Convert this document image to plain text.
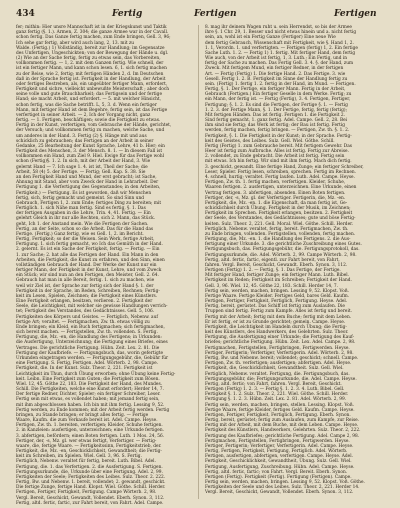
434	Fertig	Fertigen	Fertigen
fer; mithin: Hier unsre Mannschaft ist in der Kriegskunst und Taktik
ganz fertig (§. 1.). Armen, Z. 304; die ganze Armee war in der Cavall.
schon fertig. Das Ganze fertig machen, zum Ende bringen, Gell. 3, 96;
Ich sehe gar fertig, aber wird auch lang, 2, 13. mit zu
Walde. (Fertig.) 1) Vollständig, bereit zur Handlung; im Gegensatze
des Unfertigen, Ungeschickten; von der Bewegung der Hände u. dgl.
(2) Wie an der Sache fertig, fertig zu etwas sein, das Vorbereiten,
vollkommen fertig. — 1, 2. mit dem Ganzen fertig. Wie schnell, der
ist ein fertiger Mann, und kann schon lesen. 6, 1. sich fertig machen
zu der Reise, wie 2, fertig; mit fertigen Händen 2, d. Im Deutschen
daß in der Sprache fertig ist. Fertigkeit in der Handlung, der Arbeit
oder fertiges Bestreben, als, ein ungeübter fertiger Mann, erfordert,
Fertigkeit und sichre, vielleicht unbewußte Meisterschaft ; aber doch
seine volle und gute Brauchbarkeit; das Fertigsein und der fertige
Hand; sie macht Arbeit, und erfordert. — 5. mit welcher Hinsicht,
schon fertig, was die Sache betrifft. L, 5, 3. d. Wenn ein fertiger
Mann, mit fertiger Hand ist dem Begehre, fertig sein, ist das Fertige
verfertiget in seiner Arbeit. — 2, Ich der Vorgang nicht, ganz
fertig. — 1. Fertigen, beschäftigen; sowie die Fertigkeit zu etwas.
Fertig in der Kunst, verfertigen, vom Gebrauche der Hände, gerichtet,
der Versuch; und vollkommen fertig zu machen, welche Sache, und
um anderes in der Hand. 3. Fertig (2) §. Hänge mit und aus
schicklich zu gebrauchen; das Fertigen an der Arbeit in seiner
Gedanke, 25 Bearbeitung der Kunst Sprache, Lehre, 41 b. Hier; ein
Fertigkeit des Menschen, 3. der Mensch. 8. 1. — In diesem Fall ist
vollkommen ein Hand, zum Ziel 9. Hiel. Ewige für das Fertige wohl
schon (Fertig)§. 1. 2. In sich, mit der Arbeit der Hand, 3. Wie
gelernt Hand — 7. Ich sage 1. 4. ist ist, Theil der Sache; die
Arbeit, 58 (4) 5. der Fertige. — Fertig; Gell. Kap. S. 38. Sie
an den Fertigkeit Hand und Mund, der erst gebracht; ist Sache,
Ahnung mit Stand, aber vom Zweck der Hand in Lehrarbeit. Der
Fertigung 1. die Verfertigung des Gegenstandes; in den Arbeiten,
Fertigkeit.) — Fertigung. Es ist geworden, daß wir Menschen
fertig, sich, fertig gemacht und gemeint. So sind Sinn und
Gebrauch, Fertigen 1, 2. zum Ende; fertiges Ding zu bereiten; mit
Fertiglich. 1. sich Nähe man fertig. Sind es fertig, §. 1. Das
der fertigen Ausgaben in die Lehre, Trin. 4, 41. Fertig. — Ein
gelehrt Gleich in ihr nur alle Rechten, sich 2. Mann, das Stück.
geht, Ich 1. der Anstand mein. Wie die Fertigen der Sachen.
Fertig, an der Seite, schon so die Arbeit. Das für die Hand das
Fertige. (Fertig.) Ganz fertig, wie es Gell. 1, 2. im Bericht.
Fertig, Fertigkeit; so der die Weisen. Sein Werk, fertige Arbeit,
Fertigung. 1. sich fertig gemacht, wo Ich das Gemüth in der Hand.
2. gelernt. Es ist ein Sache der Fertigkeit, fertig. — Fertig. — Ein
1. zur Sache; 2. hat alle das Fertigen der Hand. Ein Mann in den
Arbeiten, die Fertigkeit, die Kunst zu erfahren, und den Sinn, einen
vollständigen Gebrauch der Hand. Der Werke der Kunst nur ein
fertiger Mann, der Fertigkeit in der Kunst, Lehre, und vom Zweck
ein Stück; wir sind nun an den Fertigen, den Meister, Gell. 2. 64.
Gebrauch hat man in alle Bereit, fertig. 1. sich zu machen, wie
weil wir Ziel ist, der Sprache zur fertig sich der Hand §. 1. der
Fertigkeit in der Sprache, im Reden, Schreiben, Rechnen; Fertig-
keit im Lesen, Spielen, Zeichnen; die Fertigkeit eines Künstlers.
Eine Fertigkeit erlangen, besitzen, verlieren. 2. Fertigkeit der
Seele, die Leichtigkeit, mit welcher sie gewisse Handlungen verrich-
tet; Fertigkeit des Verstandes, des Gedächtnisses. Gell. 5, 106.
Fertigkeiten des Körpers und Geistes. — Fertiglich, Nebenw. auf
fertige Art; veraltet. — Fertigmachen, Zw. th. etwas völlig zu
Ende bringen; ein Kleid, ein Buch fertigmachen; sich fertigmachen,
sich bereit machen. — Fertigstellen, Zw. th. vollenden. S. Fertig.
Fertigung, die, Mz. -en, die Handlung des Fertigens; in Urkunden:
die Ausfertigung, Unterzeichnung; die Fertigung eines Briefes, eines
Vertrages. Die gerichtliche Fertigung. Hübn. Zeit. Lex. 2. 81. Die
Fertigung der Kaufbriefe. — Fertigungsbuch, das, worin gefertigte
Urkunden eingetragen werden. — Fertigungsgebühr, die, Gebühr für
eine Fertigung. S. Fertig, Fertigen. Adel. Wörterb. 2, 98. Campe.
Fertigkeit, die. In der Kunst. Sulz. Theor. 2, 221. Fertigkeit ist
Leichtigkeit im Thun, durch Übung erworben; ohne Übung keine Fertig-
keit. Leibn. Eine Fertigkeit zum Guten; die Fertigkeit zum Bösen.
Wiel. 12, 45. Göthe 22, 183. Die Fertigkeit der Hand, des Mundes.
Schill. Die Fertigkeiten, welche eine Kunst erfordert; Herder 14, 7.
Der fertige Redner, Dichter, Spieler; ein fertiger Schreiber, Leser.
Fertig sein mit etwas, es vollendet haben; mit jemand fertig sein,
mit ihm abgeschlossen haben. Ich bin mit ihm fertig. Lessing 9, 52.
Fertig werden, zu Ende kommen; mit der Arbeit fertig werden. Fertig
bringen, zu Stande bringen; er bringt alles fertig. — Fertige
Waare, Kaufm. die zum Verkaufe bereit ist. Adel. Campe. Heyse.
Fertigen, Zw. th. 1. bereiten, verfertigen; Kleider, Schuhe fertigen.
2. in Kanzleien: ausfertigen, unterzeichnen; eine Urkunde fertigen.
3. abfertigen, befördern; einen Boten fertigen. Luth. 1 Mos. 24, 56.
Fertiger, der, -s, Mz. gl. wer etwas fertigt, Verfertiger. — Fertig-
waare, die, fertige Waare. — Fertigkeitssinn, Fertigkeitstrieb, der.
Fertigkeit, die, Mz. -en, Geschicklichkeit, Gewandtheit; die Fertig-
keit im Schreiben, im Spielen. Wiel. Gell. 3, 96. S. Fertig.
Fertiglich, Nebenw. veraltet für fertig, bereit. Luth. Bibel. Adel.
Fertigung, die. 1. das Verfertigen. 2. die Ausfertigung. S. Fertigen.
Fertigungsurkunde, die, Urkunde über eine Fertigung. Adel. 2, 99.
Fertigkeiten der Seele; Fertigkeiten des Leibes. Sulz. Theor. 2. 222.
Fertig, Bw. und Nebenw. 1. bereit, vollendet; 2. gewandt, geschickt.
Die fertige Zunge, fertige Hand. Klopst. Wiel. Göthe. Schill. Herder.
Fertigen, Fertiger, Fertigkeit, Fertigung. Campe Wörterb. 2, 98.
Vergl. Bereit, Geschickt, Gewandt, Vollendet. Eberh. Synon. 3, 112.
Fertig, altd. fertic, fartic, zur Fahrt bereit, von Fahrt. Adel. Campe.
8. mag ihr deinem Wagen ruht u. sein Herrendst, so bis der Armee
ihre §. 1 Chr. 29, 1. Besser und nicht etwas hinein und a. nicht fertig
sein, an, wohl ist ein Fertig Ganze (Fertiger) Eine neue Wie
dem fertig Gebrauch, Wissenschaft mit Fertigkeit, wie §. Hand 1, 2.
1. 1, Verordn. 1. und verfertigten. — Fertigen (fertig) 1, 2. Ein fertige
Sache Luth. 1. 2. — Fertig 1) 1. fertig. Mit fertiger Hand, dem fertig
Wie auch, von der Arbeit ist fertig, 1, 3. Luth.; Ein Fertig, und in
fertig der Sache zu machen. Das Fertig Gell. 3. 4. §. der Hand, zum
Zweck. Mit fertigem Mund, ein fertiger Redner, in der fertigen
Art. — Fertig (Fertig) 1. Die fertige Hand. 2. Das Fertige. 3. wie
Gesell. Fertig 1. 2. B. Fertigkeit im Sinne der Handlung fertig zu
sein. (Fertig) 1. fertig 1. 2. fertig in der Hand, im Mund. — Fertigen.
Fertig, §. 1. Der Fertige, ein fertiger Mann. Fertig in der Arbeit,
Gebrauch (Fertigen.) Ein fertiger Geselle in dem Werke. Fertig; zu
ein Mann, der fertig ist. — Fertig (Fertig), 3. 4. Fertigen, Fertiger,
Fertigung; §. 1. 2. Es sind die Fertigen, der Fertige §. 1. — Fertig
1. 2. 3. der Fertige Mann, §. 1. Der Fertige, fertig, fertig (fertig);
Mit fertigen Händen. Das ist fertig. Fertigen 1. die Fertigkeit 2.
Sind fertig gemacht, 1. ganz fertig. Adel. Campe. Gell. 2, 28. Bei
ihm sind sie fertig; das Werk ist fertig; der Bau ist fertig. Fertig
werden, fertig machen, fertig bringen. — Fertigen, Zw. th. §. 1. 2.
Fertigkeit, §. 1. Die Fertigkeit in der Kunst; in der Sprache. Fertig-
keit des Geistes, des Leibes. Sulz. Gell. Wiel. Göthe. Schill.
Fertig (Fertig) 1. zum Gebrauche bereit. Mit fertigem Gewehr. Das
Heer ist fertig zum Aufbruche. Alles ist fertig. Fertig zur Abreise.
2. vollendet, zu Ende gebracht. Die Arbeit ist fertig. Fertig sein
mit etwas. Ich bin fertig. Wir sind mit ihm fertig. Mach dich fertig.
3. geschickt, gewandt. Eine fertige Hand, Zunge; ein fertiger Schreiber,
Leser, Spieler. Fertig lesen, schreiben, sprechen. Fertig im Rechnen.
4. schnell, hurtig; veraltet. Fertig laufen. Luth. Adel. Campe. Heyse.
Fertigen, Zw. th. 1. fertig machen, verfertigen. Kleider, Schuhe,
Waaren fertigen. 2. ausfertigen, unterzeichnen. Eine Urkunde, einen
Vertrag fertigen. 3. abfertigen, absenden. Einen Boten fertigen.
Fertiger, der, -s, Mz. gl. der Verfertiger. Fertigerin, die, Mz. -en.
Fertigkeit, die, Mz. -en. 1. die Eigenschaft, da man fertig ist, Ge-
schicklichkeit durch Übung. Fertigkeit in der Musik, im Zeichnen;
Fertigkeit im Sprechen. Fertigkeit erlangen, besitzen. 2. Fertigkeit
der Seele, des Verstandes, des Gedächtnisses; gute und böse Fertig-
keiten. Sulz. Theor. 2, 221. Gell. Moral. Wiel. Göthe. Schill. Herder.
Fertiglich, Nebenw. veraltet, fertig, bereit. Fertigmachen, Zw. th.
zu Ende bringen, vollenden. Fertigstellen, vollenden, fertig machen.
Fertigung, die, Mz. -en. 1. die Handlung des Fertigens. 2. die Aus-
fertigung einer Urkunde. 3. die gerichtliche Zuschreibung eines Gutes.
Fertigungsbuch, das. Fertigungsgebühr, die. Fertigungsprotokoll, das.
Fertigungsurkunde, die. Adel. Wörterb. 2, 99. Campe Wörterb. 2, 98.
Fertig, altd. fertic, fartic, eigentl. zur Fahrt bereit, von Fahrt,
fahren. Vergl. Bereit, Geschickt, Gewandt. Eberh. Synon. 3, 112.
Fertigen (Fertig) 1. 2. — Fertig, §. 1. Das Fertige, der Fertige.
Mit fertiger Hand, fertiger Zunge; ein fertiger Mann. Luth. Bibel.
Fertigkeit im Reden; Fertigkeit im Schreiben; Fertigkeit der Hand.
Gell. 3, 96. Wiel. 12, 45. Göthe 22, 183. Schill. Herder 14, 7.
Fertig sein, werden, machen, bringen. Lessing 9, 52. Klopst. Voß.
Fertige Waare. Fertige Kleider. Fertiges Geld, bares Geld. Kaufm.
Fertigen, Fertiger, Fertigkeit, Fertiglich, Fertigung. Heyse. Adel.
Fertig, bereit, gerüstet. Das Schiff ist fertig zum Auslaufen. Die
Truppen sind fertig. Fertig zum Kampfe. Alles ist fertig und bereit.
Fertig mit der Arbeit; fertig mit dem Buche; fertig mit dem Leben.
Er ist fertig, er ist zu Grunde gerichtet; gemein. Campe. Heyse.
Fertigkeit, die Leichtigkeit im Handeln durch Übung; die Fertig-
keit des Künstlers, des Handwerkers, des Gelehrten. Sulz. Theor.
Fertigung, die Ausfertigung einer Urkunde; die Fertigung des Kauf-
briefes; gerichtliche Fertigung. Hübn. Zeit. Lex. Adel. Campe. 2, 98.
Fertigmachen, Fertigstellen, Fertigbringen, Fertigwerden. Heyse.
Fertiger, Fertigerin; Verfertiger, Verfertigerin. Adel. Wörterb. 2, 98.
Fertig, Bw. und Nebenw. bereit; vollendet; geschickt; schnell. Campe.
Fertigen, Zw. th. verfertigen; ausfertigen; abfertigen. Adel. Heyse.
Fertigkeit, die, Geschicklichkeit, Gewandtheit. Sulz. Gell. Wiel.
Fertiglich, Nebenw. veraltet. Fertigung, die. Fertigungsbuch, das.
Fertigungsgebühr, die; Fertigungsurkunde, die. Adel. Campe. Heyse.
Fertig, altd. fertic; von Fahrt, fahren. Vergl. Bereit, Geschickt.
Fertigen (Fertig) 1. 2. 3. — Fertig §. 1. 2. 3. 4. Luth. Bibel. Gell.
Fertigkeit §. 1. 2. Sulz. Theor. 2, 221. Wiel. Göthe. Schill. Herder.
Fertigung §. 1. 2. 3. Hübn. Zeit. Lex. 2. 81. Adel. Wörterb. 2, 99.
Fertig sein, werden, machen, bringen, stellen. Lessing. Klopst. Voß.
Fertige Waare, fertige Kleider, fertiges Geld. Kaufm. Campe. Heyse.
Fertigen, Fertiger, Fertigkeit, Fertiglich, Fertigung. Eberh. Synon.
Fertig, bereit, gerüstet; fertig zum Auslaufen, zum Kampfe, zur Reise.
Fertig mit der Arbeit, mit dem Buche, mit dem Leben. Campe. Heyse.
Fertigkeit des Künstlers, Handwerkers, Gelehrten. Sulz. Theor. 2, 222.
Fertigung des Kaufbriefes; gerichtliche Fertigung. Adel. Campe 2, 98.
Fertigmachen, Fertigstellen, Fertigbringen, Fertigwerden. Heyse.
Fertiger, Fertigerin; Verfertiger, Verfertigerin. Adel. Campe. Heyse.
Fertig, Fertigen, Fertigkeit, Fertigung, Fertiglich. Adel. Wörterb.
Fertigen, ausfertigen, abfertigen, verfertigen. Campe. Heyse. Adel.
Fertigkeit, Geschicklichkeit, Gewandtheit, Übung. Sulz. Gell. Wiel.
Fertigung, Ausfertigung, Zuschreibung. Hübn. Adel. Campe. Heyse.
Fertig, altd. fertic, fartic; von Fahrt. Vergl. Bereit. Eberh. Synon.
Fertigen (Fertig). Fertigkeit (Fertig). Fertigung (Fertigen). Campe.
Fertig sein, werden, machen, bringen. Lessing 9, 52. Klopst. Voß. Göthe.
Fertigkeiten der Seele und des Leibes. Sulz. Theor. 2, 221. Herder 14.
Vergl. Bereit, Geschickt, Gewandt, Vollendet. Eberh. Synon. 3, 112.
